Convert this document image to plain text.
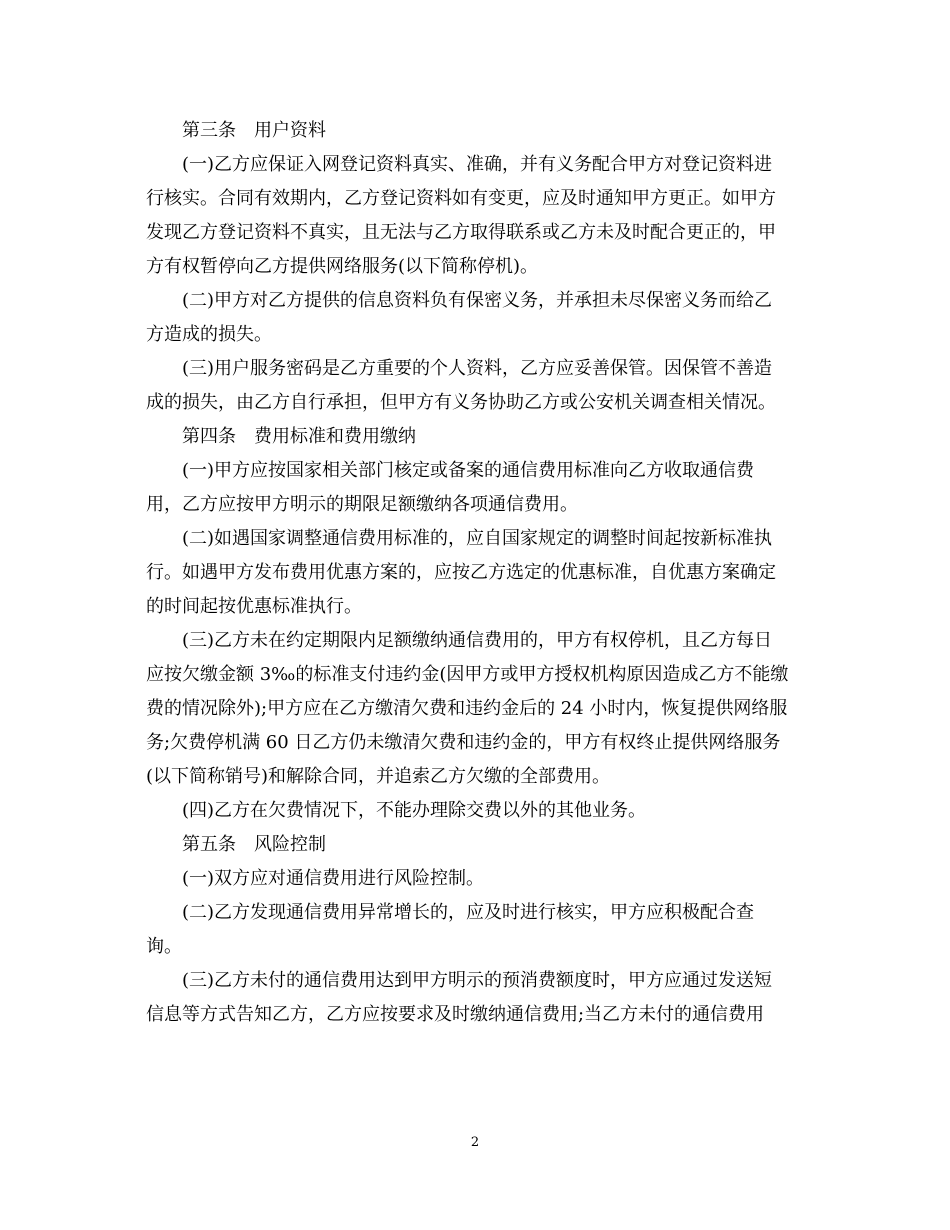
第三条　用户资料
(一)乙方应保证入网登记资料真实、准确，并有义务配合甲方对登记资料进
行核实。合同有效期内，乙方登记资料如有变更，应及时通知甲方更正。如甲方
发现乙方登记资料不真实，且无法与乙方取得联系或乙方未及时配合更正的，甲
方有权暂停向乙方提供网络服务(以下简称停机)。
(二)甲方对乙方提供的信息资料负有保密义务，并承担未尽保密义务而给乙
方造成的损失。
(三)用户服务密码是乙方重要的个人资料，乙方应妥善保管。因保管不善造
成的损失，由乙方自行承担，但甲方有义务协助乙方或公安机关调查相关情况。
第四条　费用标准和费用缴纳
(一)甲方应按国家相关部门核定或备案的通信费用标准向乙方收取通信费
用，乙方应按甲方明示的期限足额缴纳各项通信费用。
(二)如遇国家调整通信费用标准的，应自国家规定的调整时间起按新标准执
行。如遇甲方发布费用优惠方案的，应按乙方选定的优惠标准，自优惠方案确定
的时间起按优惠标准执行。
(三)乙方未在约定期限内足额缴纳通信费用的，甲方有权停机，且乙方每日
应按欠缴金额 3‰的标准支付违约金(因甲方或甲方授权机构原因造成乙方不能缴
费的情况除外);甲方应在乙方缴清欠费和违约金后的 24 小时内，恢复提供网络服
务;欠费停机满 60 日乙方仍未缴清欠费和违约金的，甲方有权终止提供网络服务
(以下简称销号)和解除合同，并追索乙方欠缴的全部费用。
(四)乙方在欠费情况下，不能办理除交费以外的其他业务。
第五条　风险控制
(一)双方应对通信费用进行风险控制。
(二)乙方发现通信费用异常增长的，应及时进行核实，甲方应积极配合查
询。
(三)乙方未付的通信费用达到甲方明示的预消费额度时，甲方应通过发送短
信息等方式告知乙方，乙方应按要求及时缴纳通信费用;当乙方未付的通信费用
2
